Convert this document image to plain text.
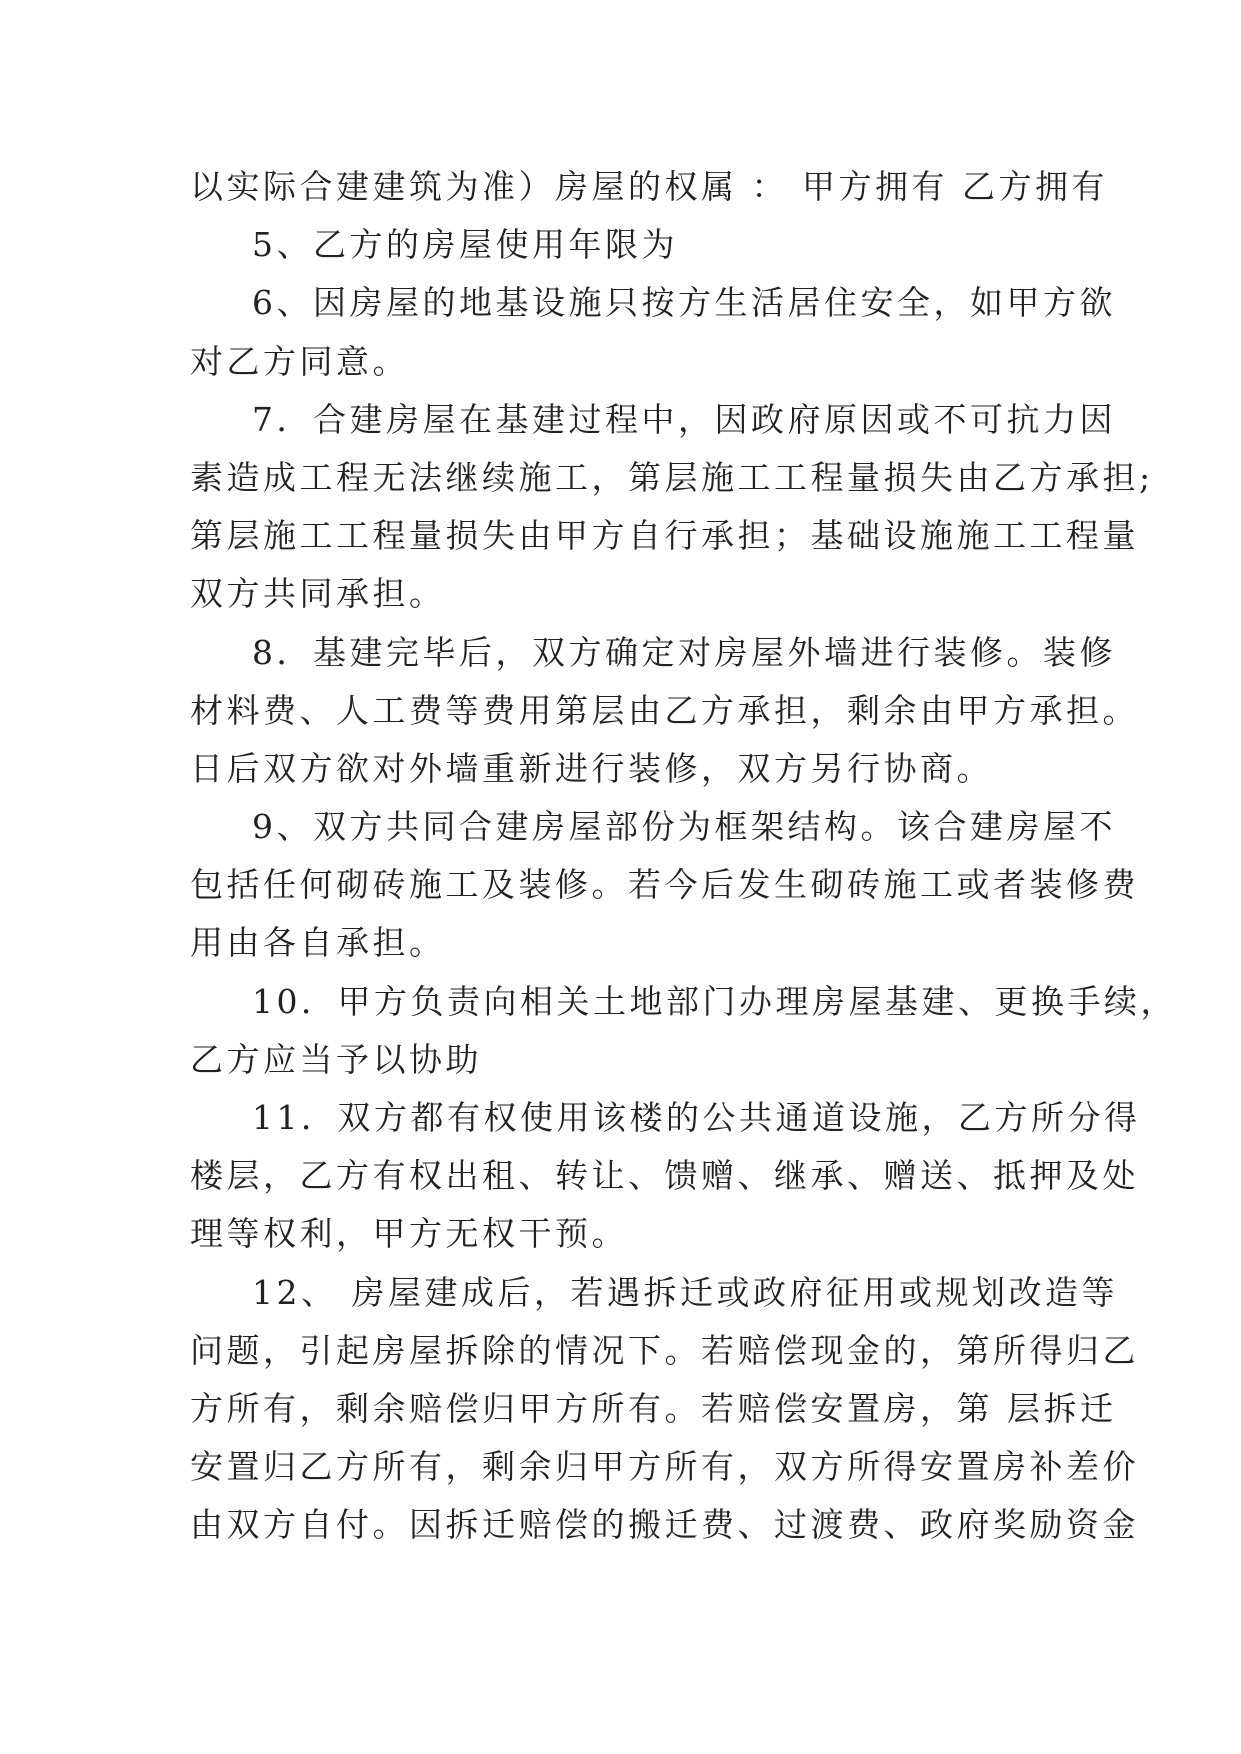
以实际合建建筑为准）房屋的权属 ： 甲方拥有 乙方拥有
5、乙方的房屋使用年限为
6、因房屋的地基设施只按方生活居住安全，如甲方欲
对乙方同意。
7．合建房屋在基建过程中，因政府原因或不可抗力因
素造成工程无法继续施工，第层施工工程量损失由乙方承担;
第层施工工程量损失由甲方自行承担；基础设施施工工程量
双方共同承担。
8．基建完毕后，双方确定对房屋外墙进行装修。装修
材料费、人工费等费用第层由乙方承担，剩余由甲方承担。
日后双方欲对外墙重新进行装修，双方另行协商。
9、双方共同合建房屋部份为框架结构。该合建房屋不
包括任何砌砖施工及装修。若今后发生砌砖施工或者装修费
用由各自承担。
10．甲方负责向相关土地部门办理房屋基建、更换手续，
乙方应当予以协助
11．双方都有权使用该楼的公共通道设施，乙方所分得
楼层，乙方有权出租、转让、馈赠、继承、赠送、抵押及处
理等权利，甲方无权干预。
12、 房屋建成后，若遇拆迁或政府征用或规划改造等
问题，引起房屋拆除的情况下。若赔偿现金的，第所得归乙
方所有，剩余赔偿归甲方所有。若赔偿安置房，第 层拆迁
安置归乙方所有，剩余归甲方所有，双方所得安置房补差价
由双方自付。因拆迁赔偿的搬迁费、过渡费、政府奖励资金
